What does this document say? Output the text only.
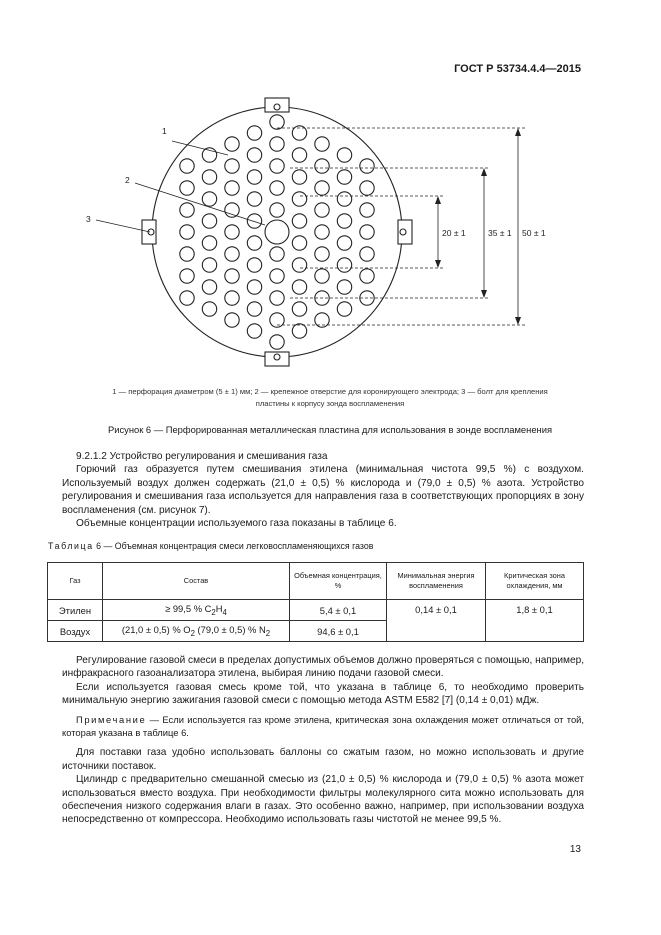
ГОСТ Р 53734.4.4—2015
1
2
3
20 ± 1	35 ± 1 50 ± 1
1 — перфорация диаметром (5 ± 1) мм; 2 — крепежное отверстие для коронирующего электрода; 3 — болт для крепления
пластины к корпусу зонда воспламенения
Рисунок 6 — Перфорированная металлическая пластина для использования в зонде воспламенения

9.2.1.2 Устройство регулирования и смешивания газа

Горючий газ образуется путем смешивания этилена (минимальная чистота 99,5 %) с воздухом. Используемый воздух должен содержать (21,0 ± 0,5) % кислорода и (79,0 ± 0,5) % азота. Устройство регулирования и смешивания газа используется для направления газа в соответствующих пропорциях в зону воспламенения (см. рисунок 7).

Объемные концентрации используемого газа показаны в таблице 6.

Таблица 6 — Объемная концентрация смеси легковоспламеняющихся газов
Газ	Состав	Объемная концентрация, %	Минимальная энергия воспламенения	Критическая зона охлаждения, мм
Этилен	≥ 99,5 % $C_2H_4$	5,4 ± 0,1	0,14 ± 0,1	1,8 ± 0,1
Воздух	(21,0 ± 0,5) % $O_2$ (79,0 ± 0,5) % $N_2$	94,6 ± 0,1		

Регулирование газовой смеси в пределах допустимых объемов должно проверяться с помощью, например, инфракрасного газоанализатора этилена, выбирая линию подачи газовой смеси.

Если используется газовая смесь кроме той, что указана в таблице 6, то необходимо проверить минимальную энергию зажигания газовой смеси с помощью метода ASTM E582 [7] (0,14 ± 0,01) мДж.

Примечание — Если используется газ кроме этилена, критическая зона охлаждения может отличаться от той, которая указана в таблице 6.

Для поставки газа удобно использовать баллоны со сжатым газом, но можно использовать и другие источники поставок.

Цилиндр с предварительно смешанной смесью из (21,0 ± 0,5) % кислорода и (79,0 ± 0,5) % азота может использоваться вместо воздуха. При необходимости фильтры молекулярного сита можно использовать для обеспечения низкого содержания влаги в газах. Это особенно важно, например, при использовании воздуха непосредственно от компрессора. Необходимо использовать газы чистотой не менее 99,5 %.

13
